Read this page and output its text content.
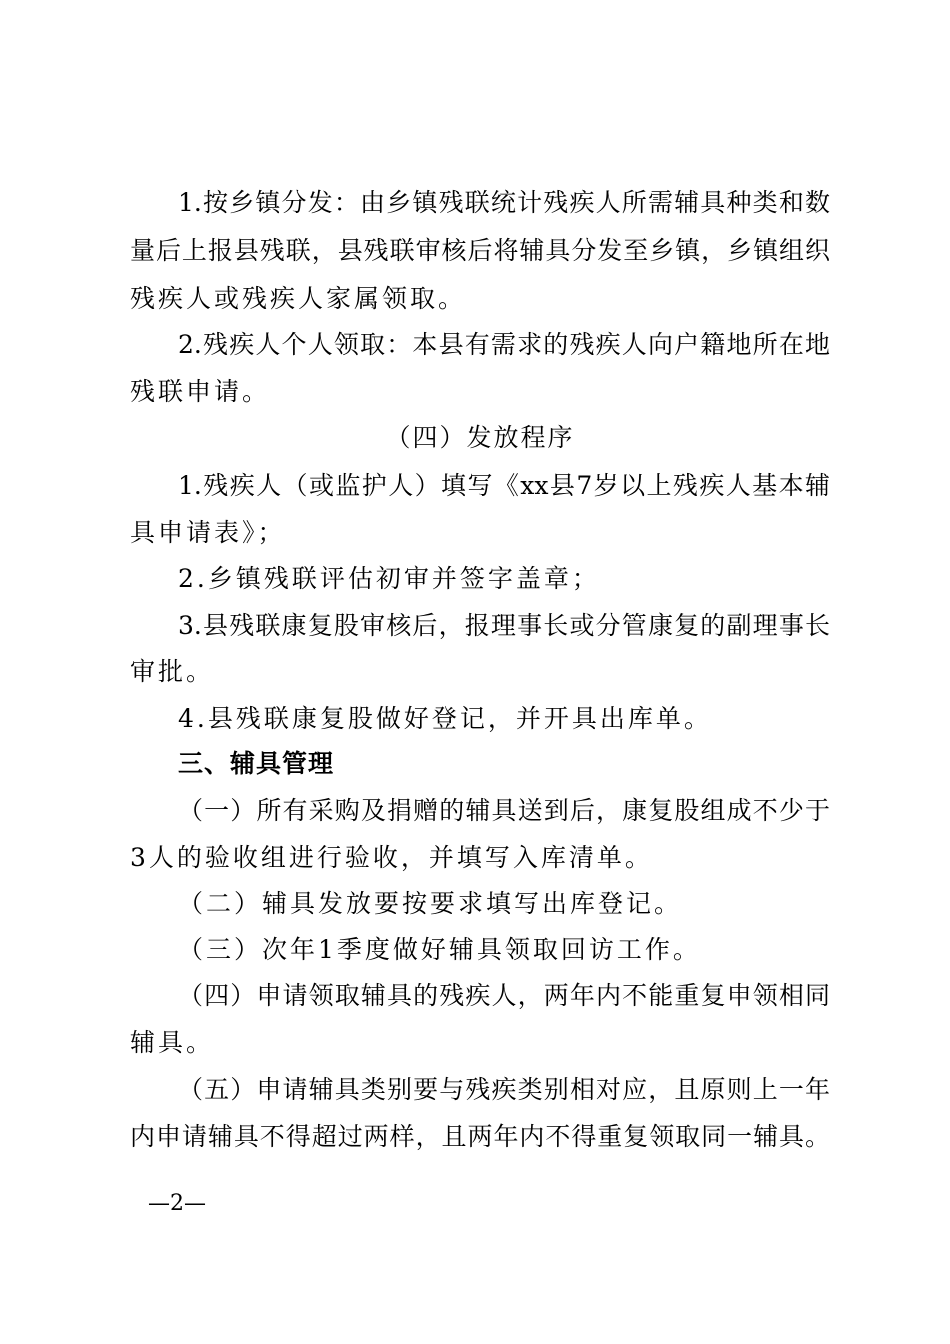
1.按乡镇分发：由乡镇残联统计残疾人所需辅具种类和数
量后上报县残联，县残联审核后将辅具分发至乡镇，乡镇组织
残疾人或残疾人家属领取。
2.残疾人个人领取：本县有需求的残疾人向户籍地所在地
残联申请。
（四）发放程序
1.残疾人（或监护人）填写《xx县7岁以上残疾人基本辅
具申请表》；
2.乡镇残联评估初审并签字盖章；
3.县残联康复股审核后，报理事长或分管康复的副理事长
审批。
4.县残联康复股做好登记，并开具出库单。
三、辅具管理
（一）所有采购及捐赠的辅具送到后，康复股组成不少于
3人的验收组进行验收，并填写入库清单。
（二）辅具发放要按要求填写出库登记。
（三）次年1季度做好辅具领取回访工作。
（四）申请领取辅具的残疾人，两年内不能重复申领相同
辅具。
（五）申请辅具类别要与残疾类别相对应，且原则上一年
内申请辅具不得超过两样，且两年内不得重复领取同一辅具。
—2—
